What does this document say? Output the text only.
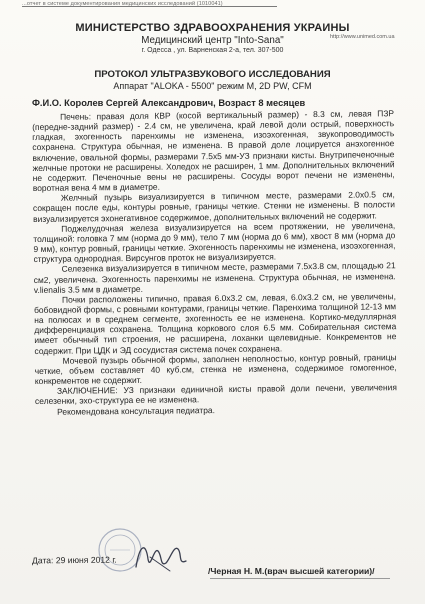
...отчет в системе документирования медицинских исследований (1010041)
http://www.unimed.com.ua
МИНИСТЕРСТВО ЗДРАВООХРАНЕНИЯ УКРАИНЫ
Медицинский центр "Into-Sana"
г. Одесса , ул. Варненская 2-а, тел. 307-500
ПРОТОКОЛ УЛЬТРАЗВУКОВОГО ИССЛЕДОВАНИЯ
Аппарат "ALOKA - 5500" режим M, 2D PW, CFM
Ф.И.О. Королев Сергей Александрович, Возраст 8 месяцев

Печень: правая доля КВР (косой вертикальный размер) - 8.3 см, левая ПЗР (передне-задний размер) - 2.4 см, не увеличена, край левой доли острый, поверхность гладкая, эхогенность паренхимы не изменена, изоэхогенная, звукопроводимость сохранена. Структура обычная, не изменена. В правой доле лоцируется анэхогенное включение, овальной формы, размерами 7.5x5 мм-УЗ признаки кисты. Внутрипеченочные желчные протоки не расширены. Холедох не расширен, 1 мм. Дополнительных включений не содержит. Печеночные вены не расширены. Сосуды ворот печени не изменены, воротная вена 4 мм в диаметре.

Желчный пузырь визуализируется в типичном месте, размерами 2.0x0.5 см, сокращен после еды, контуры ровные, границы четкие. Стенки не изменены. В полости визуализируется эхонегативное содержимое, дополнительных включений не содержит.

Поджелудочная железа визуализируется на всем протяжении, не увеличена, толщиной: головка 7 мм (норма до 9 мм), тело 7 мм (норма до 6 мм), хвост 8 мм (норма до 9 мм), контур ровный, границы четкие. Эхогенность паренхимы не изменена, изоэхогенная, структура однородная. Вирсунгов проток не визуализируется.

Селезенка визуализируется в типичном месте, размерами 7.5x3.8 см, площадью 21 см2, увеличена. Эхогенность паренхимы не изменена. Структура обычная, не изменена. v.lienalis 3.5 мм в диаметре.

Почки расположены типично, правая 6.0x3.2 см, левая, 6.0x3.2 см, не увеличены, бобовидной формы, с ровными контурами, границы четкие. Паренхима толщиной 12-13 мм на полюсах и в среднем сегменте, эхогенность ее не изменена. Кортико-медуллярная дифференциация сохранена. Толщина коркового слоя 6.5 мм. Собирательная система имеет обычный тип строения, не расширена, лоханки щелевидные. Конкрементов не содержит. При ЦДК и ЭД сосудистая система почек сохранена.

Мочевой пузырь обычной формы, заполнен неполностью, контур ровный, границы четкие, объем составляет 40 куб.см, стенка не изменена, содержимое гомогенное, конкрементов не содержит.

ЗАКЛЮЧЕНИЕ: УЗ признаки единичной кисты правой доли печени, увеличения селезенки, эхо-структура ее не изменена.

Рекомендована консультация педиатра.

Дата: 29 июня 2012 г.
/Черная Н. М.(врач высшей категории)/
